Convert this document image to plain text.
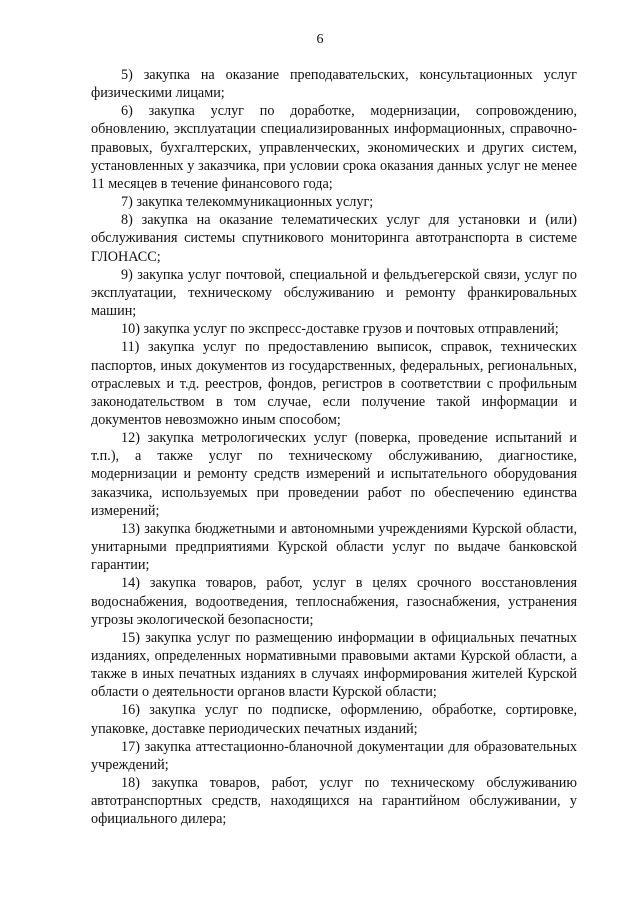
6

5) закупка на оказание преподавательских, консультационных услуг физическими лицами;

6) закупка услуг по доработке, модернизации, сопровождению, обновлению, эксплуатации специализированных информационных, справочно-правовых, бухгалтерских, управленческих, экономических и других систем, установленных у заказчика, при условии срока оказания данных услуг не менее 11 месяцев в течение финансового года;

7) закупка телекоммуникационных услуг;

8) закупка на оказание телематических услуг для установки и (или) обслуживания системы спутникового мониторинга автотранспорта в системе ГЛОНАСС;

9) закупка услуг почтовой, специальной и фельдъегерской связи, услуг по эксплуатации, техническому обслуживанию и ремонту франкировальных машин;

10) закупка услуг по экспресс-доставке грузов и почтовых отправлений;

11) закупка услуг по предоставлению выписок, справок, технических паспортов, иных документов из государственных, федеральных, региональных, отраслевых и т.д. реестров, фондов, регистров в соответствии с профильным законодательством в том случае, если получение такой информации и документов невозможно иным способом;

12) закупка метрологических услуг (поверка, проведение испытаний и т.п.), а также услуг по техническому обслуживанию, диагностике, модернизации и ремонту средств измерений и испытательного оборудования заказчика, используемых при проведении работ по обеспечению единства измерений;

13) закупка бюджетными и автономными учреждениями Курской области, унитарными предприятиями Курской области услуг по выдаче банковской гарантии;

14) закупка товаров, работ, услуг в целях срочного восстановления водоснабжения, водоотведения, теплоснабжения, газоснабжения, устранения угрозы экологической безопасности;

15) закупка услуг по размещению информации в официальных печатных изданиях, определенных нормативными правовыми актами Курской области, а также в иных печатных изданиях в случаях информирования жителей Курской области о деятельности органов власти Курской области;

16) закупка услуг по подписке, оформлению, обработке, сортировке, упаковке, доставке периодических печатных изданий;

17) закупка аттестационно-бланочной документации для образовательных учреждений;

18) закупка товаров, работ, услуг по техническому обслуживанию автотранспортных средств, находящихся на гарантийном обслуживании, у официального дилера;
